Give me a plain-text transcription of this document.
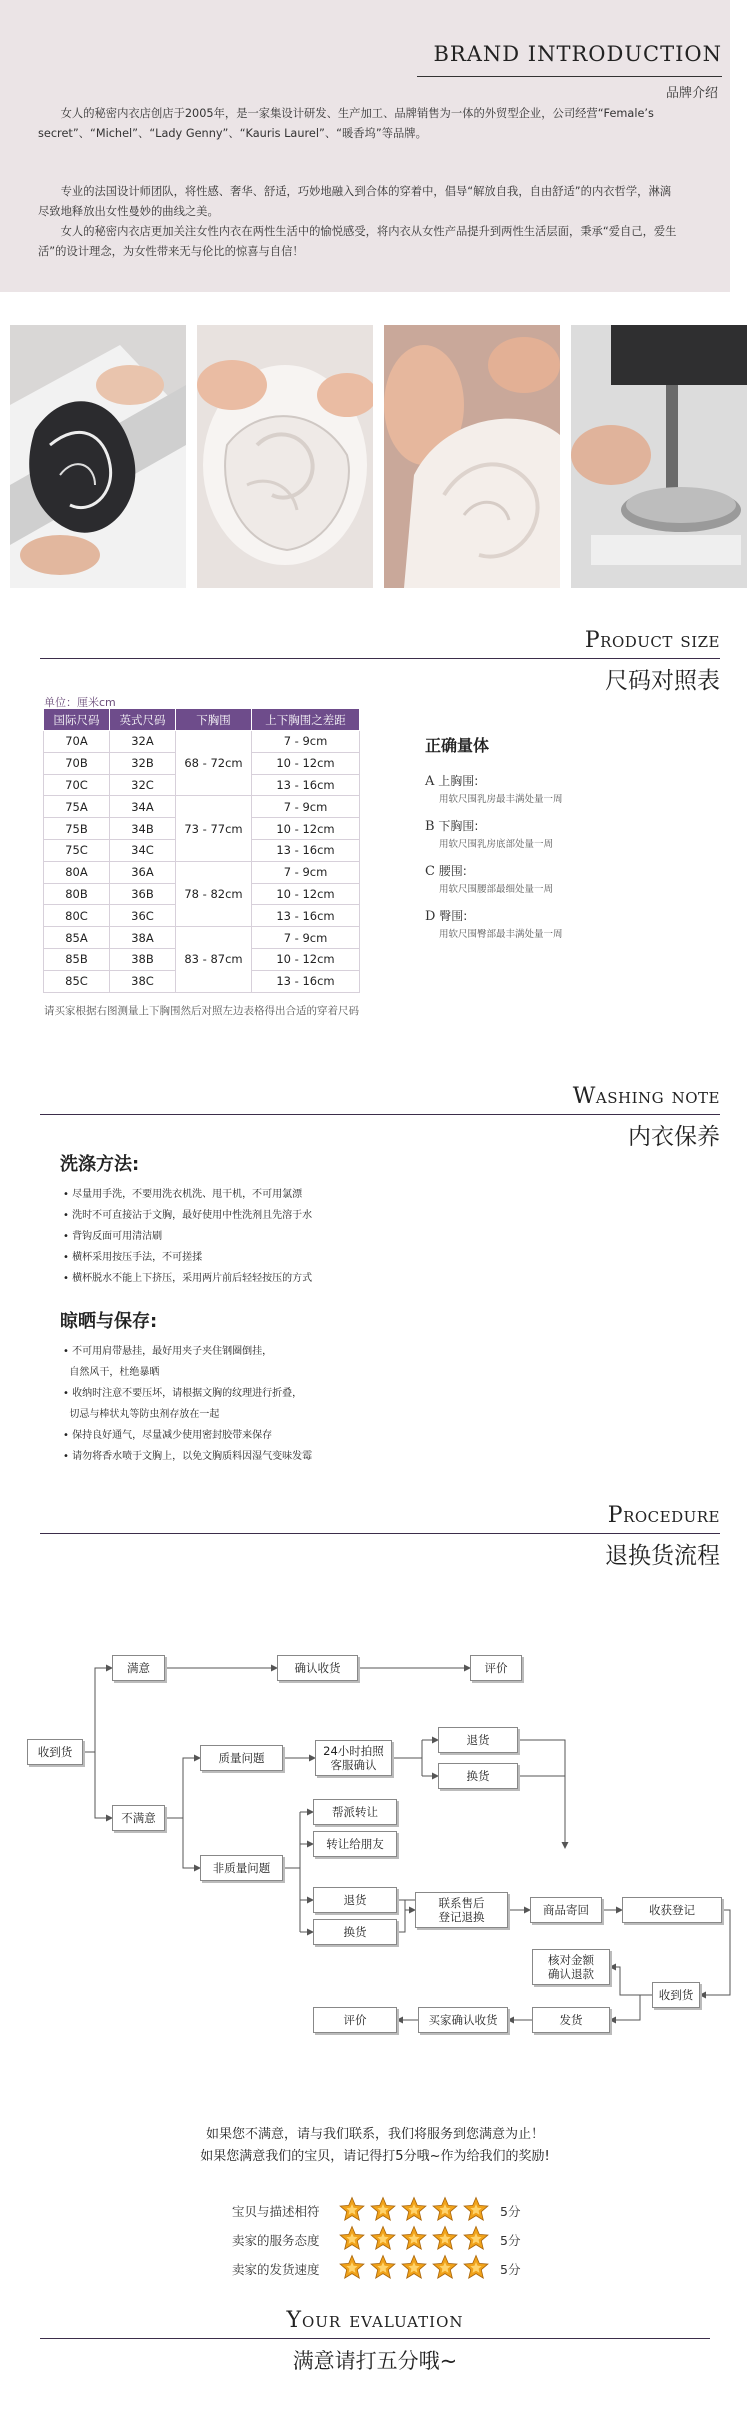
BRAND INTRODUCTION
品牌介绍
女人的秘密内衣店创店于2005年，是一家集设计研发、生产加工、品牌销售为一体的外贸型企业，公司经营“Female’s secret”、“Michel”、“Lady Genny”、“Kauris Laurel”、“暖香坞”等品牌。
专业的法国设计师团队，将性感、奢华、舒适，巧妙地融入到合体的穿着中，倡导“解放自我，自由舒适”的内衣哲学，淋漓尽致地释放出女性曼妙的曲线之美。
女人的秘密内衣店更加关注女性内衣在两性生活中的愉悦感受，将内衣从女性产品提升到两性生活层面，秉承“爱自己，爱生活”的设计理念，为女性带来无与伦比的惊喜与自信！
Product size
尺码对照表
单位：厘米cm
国际尺码	英式尺码	下胸围	上下胸围之差距
70A	32A	68 - 72cm	7 - 9cm
70B	32B		10 - 12cm
70C	32C		13 - 16cm
75A	34A	73 - 77cm	7 - 9cm
75B	34B		10 - 12cm
75C	34C		13 - 16cm
80A	36A	78 - 82cm	7 - 9cm
80B	36B		10 - 12cm
80C	36C		13 - 16cm
85A	38A	83 - 87cm	7 - 9cm
85B	38B		10 - 12cm
85C	38C		13 - 16cm
请买家根据右图测量上下胸围然后对照左边表格得出合适的穿着尺码
正确量体
A 上胸围:
用软尺围乳房最丰满处量一周
B 下胸围:
用软尺围乳房底部处量一周
C 腰围:
用软尺围腰部最细处量一周
D 臀围:
用软尺围臀部最丰满处量一周
Washing note
内衣保养
洗涤方法:
• 尽量用手洗，不要用洗衣机洗、甩干机，不可用氯漂
• 洗时不可直接沾于文胸，最好使用中性洗剂且先溶于水
• 背钩反面可用清洁刷
• 横杯采用按压手法，不可搓揉
• 横杯脱水不能上下挤压，采用两片前后轻轻按压的方式
晾晒与保存:
• 不可用肩带悬挂，最好用夹子夹住钢圈倒挂，
自然风干，杜绝暴晒
• 收纳时注意不要压坏，请根据文胸的纹理进行折叠，
切忌与棒状丸等防虫剂存放在一起
• 保持良好通气，尽量减少使用密封胶带来保存
• 请勿将香水喷于文胸上，以免文胸质料因湿气变味发霉
Procedure
退换货流程
收到货
满意	确认收货	评价
不满意
质量问题	24小时拍照
客服确认
退货
换货
非质量问题
帮派转让
转让给朋友
退货
换货
联系售后
登记退换	商品寄回	收获登记
核对金额
确认退款
收到货
发货
买家确认收货
评价
如果您不满意，请与我们联系，我们将服务到您满意为止！
如果您满意我们的宝贝，请记得打5分哦~作为给我们的奖励!
宝贝与描述相符	5分
卖家的服务态度	5分
卖家的发货速度	5分
Your evaluation
满意请打五分哦~
